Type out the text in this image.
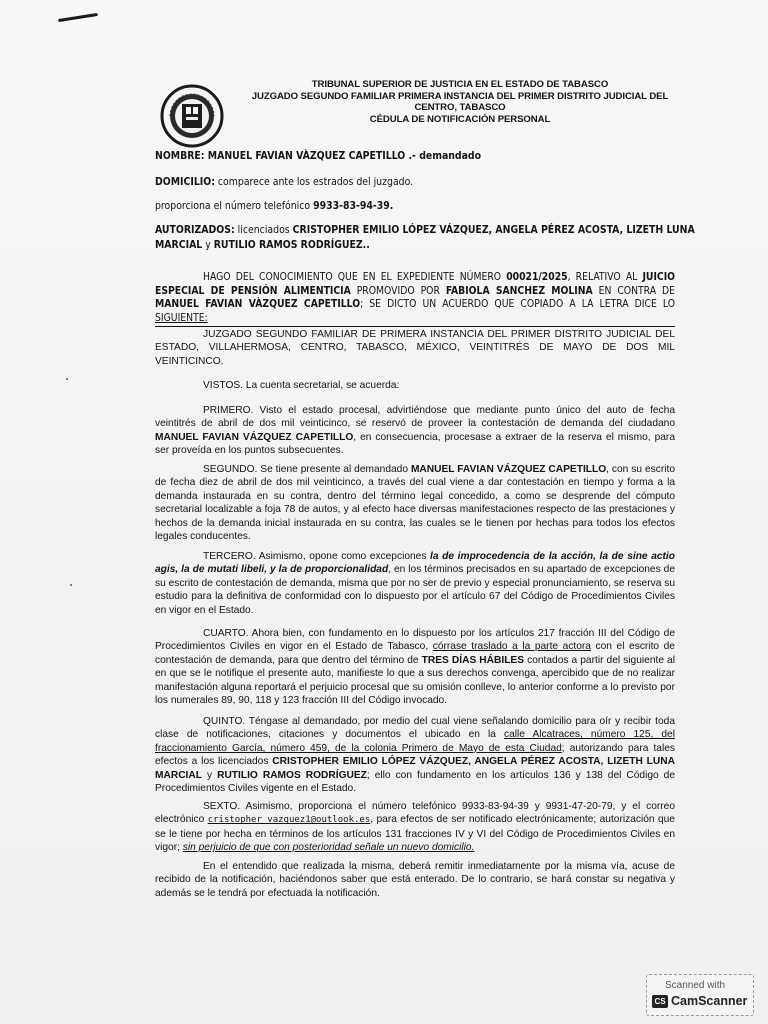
TRIBUNAL SUPERIOR DE JUSTICIA EN EL ESTADO DE TABASCO
JUZGADO SEGUNDO FAMILIAR PRIMERA INSTANCIA DEL PRIMER DISTRITO JUDICIAL DEL
CENTRO, TABASCO
CÉDULA DE NOTIFICACIÓN PERSONAL
NOMBRE: MANUEL FAVIAN VÀZQUEZ CAPETILLO .- demandado
DOMICILIO: comparece ante los estrados del juzgado.
proporciona el número telefónico 9933-83-94-39.
AUTORIZADOS: licenciados CRISTOPHER EMILIO LÓPEZ VÁZQUEZ, ANGELA PÉREZ ACOSTA, LIZETH LUNA
MARCIAL y RUTILIO RAMOS RODRÍGUEZ..
HAGO DEL CONOCIMIENTO QUE EN EL EXPEDIENTE NÚMERO 00021/2025, RELATIVO AL JUICIO ESPECIAL DE PENSIÓN ALIMENTICIA PROMOVIDO POR FABIOLA SANCHEZ MOLINA EN CONTRA DE MANUEL FAVIAN VÀZQUEZ CAPETILLO; SE DICTO UN ACUERDO QUE COPIADO A LA LETRA DICE LO SIGUIENTE:
JUZGADO SEGUNDO FAMILIAR DE PRIMERA INSTANCIA DEL PRIMER DISTRITO JUDICIAL DEL ESTADO, VILLAHERMOSA, CENTRO, TABASCO, MÉXICO, VEINTITRÉS DE MAYO DE DOS MIL VEINTICINCO.
VISTOS. La cuenta secretarial, se acuerda:
PRIMERO. Visto el estado procesal, advirtiéndose que mediante punto único del auto de fecha veintitrés de abril de dos mil veinticinco, se reservó de proveer la contestación de demanda del ciudadano MANUEL FAVIAN VÁZQUEZ CAPETILLO, en consecuencia, procesase a extraer de la reserva el mismo, para ser proveída en los puntos subsecuentes.
SEGUNDO. Se tiene presente al demandado MANUEL FAVIAN VÁZQUEZ CAPETILLO, con su escrito de fecha diez de abril de dos mil veinticinco, a través del cual viene a dar contestación en tiempo y forma a la demanda instaurada en su contra, dentro del término legal concedido, a como se desprende del cómputo secretarial localizable a foja 78 de autos, y al efecto hace diversas manifestaciones respecto de las prestaciones y hechos de la demanda inicial instaurada en su contra, las cuales se le tienen por hechas para todos los efectos legales conducentes.
TERCERO. Asimismo, opone como excepciones la de improcedencia de la acción, la de sine actio agis, la de mutati libeli, y la de proporcionalidad, en los términos precisados en su apartado de excepciones de su escrito de contestación de demanda, misma que por no ser de previo y especial pronunciamiento, se reserva su estudio para la definitiva de conformidad con lo dispuesto por el artículo 67 del Código de Procedimientos Civiles en vigor en el Estado.
CUARTO. Ahora bien, con fundamento en lo dispuesto por los artículos 217 fracción III del Código de Procedimientos Civiles en vigor en el Estado de Tabasco, córrase traslado a la parte actora con el escrito de contestación de demanda, para que dentro del término de TRES DÍAS HÁBILES contados a partir del siguiente al en que se le notifique el presente auto, manifieste lo que a sus derechos convenga, apercibido que de no realizar manifestación alguna reportará el perjuicio procesal que su omisión conlleve, lo anterior conforme a lo previsto por los numerales 89, 90, 118 y 123 fracción III del Código invocado.
QUINTO. Téngase al demandado, por medio del cual viene señalando domicilio para oír y recibir toda clase de notificaciones, citaciones y documentos el ubicado en la calle Alcatraces, número 125, del fraccionamiento García, número 459, de la colonia Primero de Mayo de esta Ciudad; autorizando para tales efectos a los licenciados CRISTOPHER EMILIO LÓPEZ VÁZQUEZ, ANGELA PÉREZ ACOSTA, LIZETH LUNA MARCIAL y RUTILIO RAMOS RODRÍGUEZ; ello con fundamento en los artículos 136 y 138 del Código de Procedimientos Civiles vigente en el Estado.
SEXTO. Asimismo, proporciona el número telefónico 9933-83-94-39 y 9931-47-20-79, y el correo electrónico cristopher_vazquez1@outlook.es, para efectos de ser notificado electrónicamente; autorización que se le tiene por hecha en términos de los artículos 131 fracciones IV y VI del Código de Procedimientos Civiles en vigor; sin perjuicio de que con posterioridad señale un nuevo domicilio.
En el entendido que realizada la misma, deberá remitir inmediatamente por la misma vía, acuse de recibido de la notificación, haciéndonos saber que está enterado. De lo contrario, se hará constar su negativa y además se le tendrá por efectuada la notificación.
Scanned with
CS CamScanner
